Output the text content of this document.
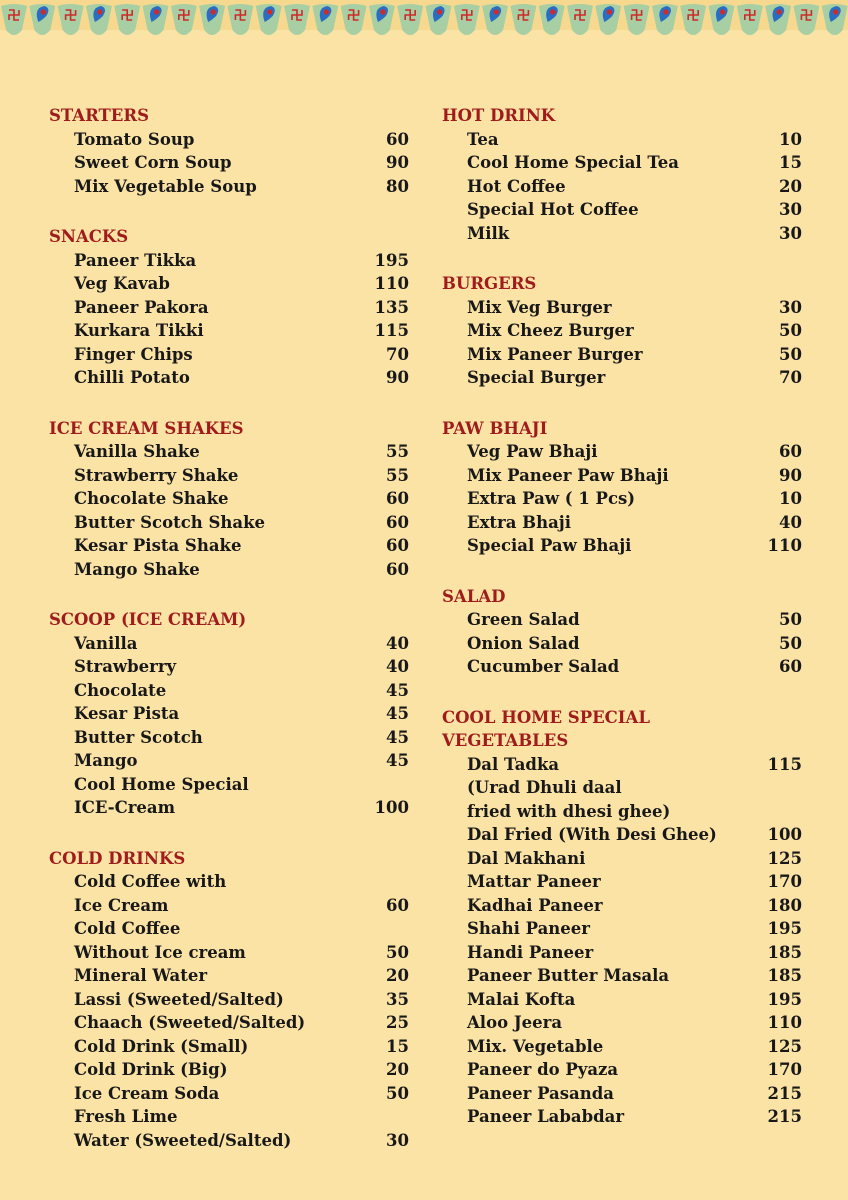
STARTERS
Tomato Soup	60
Sweet Corn Soup	90
Mix Vegetable Soup	80
SNACKS
Paneer Tikka	195
Veg Kavab	110
Paneer Pakora	135
Kurkara Tikki	115
Finger Chips	70
Chilli Potato	90
ICE CREAM SHAKES
Vanilla Shake	55
Strawberry Shake	55
Chocolate Shake	60
Butter Scotch Shake	60
Kesar Pista Shake	60
Mango Shake	60
SCOOP (ICE CREAM)
Vanilla	40
Strawberry	40
Chocolate	45
Kesar Pista	45
Butter Scotch	45
Mango	45
Cool Home Special
ICE-Cream	100
COLD DRINKS
Cold Coffee with
Ice Cream	60
Cold Coffee
Without Ice cream	50
Mineral Water	20
Lassi (Sweeted/Salted)	35
Chaach (Sweeted/Salted)	25
Cold Drink (Small)	15
Cold Drink (Big)	20
Ice Cream Soda	50
Fresh Lime
Water (Sweeted/Salted)	30
HOT DRINK
Tea	10
Cool Home Special Tea	15
Hot Coffee	20
Special Hot Coffee	30
Milk	30
BURGERS
Mix Veg Burger	30
Mix Cheez Burger	50
Mix Paneer Burger	50
Special Burger	70
PAW BHAJI
Veg Paw Bhaji	60
Mix Paneer Paw Bhaji	90
Extra Paw ( 1 Pcs)	10
Extra Bhaji	40
Special Paw Bhaji	110
SALAD
Green Salad	50
Onion Salad	50
Cucumber Salad	60
COOL HOME SPECIAL
VEGETABLES
Dal Tadka	115
(Urad Dhuli daal
fried with dhesi ghee)
Dal Fried (With Desi Ghee)	100
Dal Makhani	125
Mattar Paneer	170
Kadhai Paneer	180
Shahi Paneer	195
Handi Paneer	185
Paneer Butter Masala	185
Malai Kofta	195
Aloo Jeera	110
Mix. Vegetable	125
Paneer do Pyaza	170
Paneer Pasanda	215
Paneer Lababdar	215
